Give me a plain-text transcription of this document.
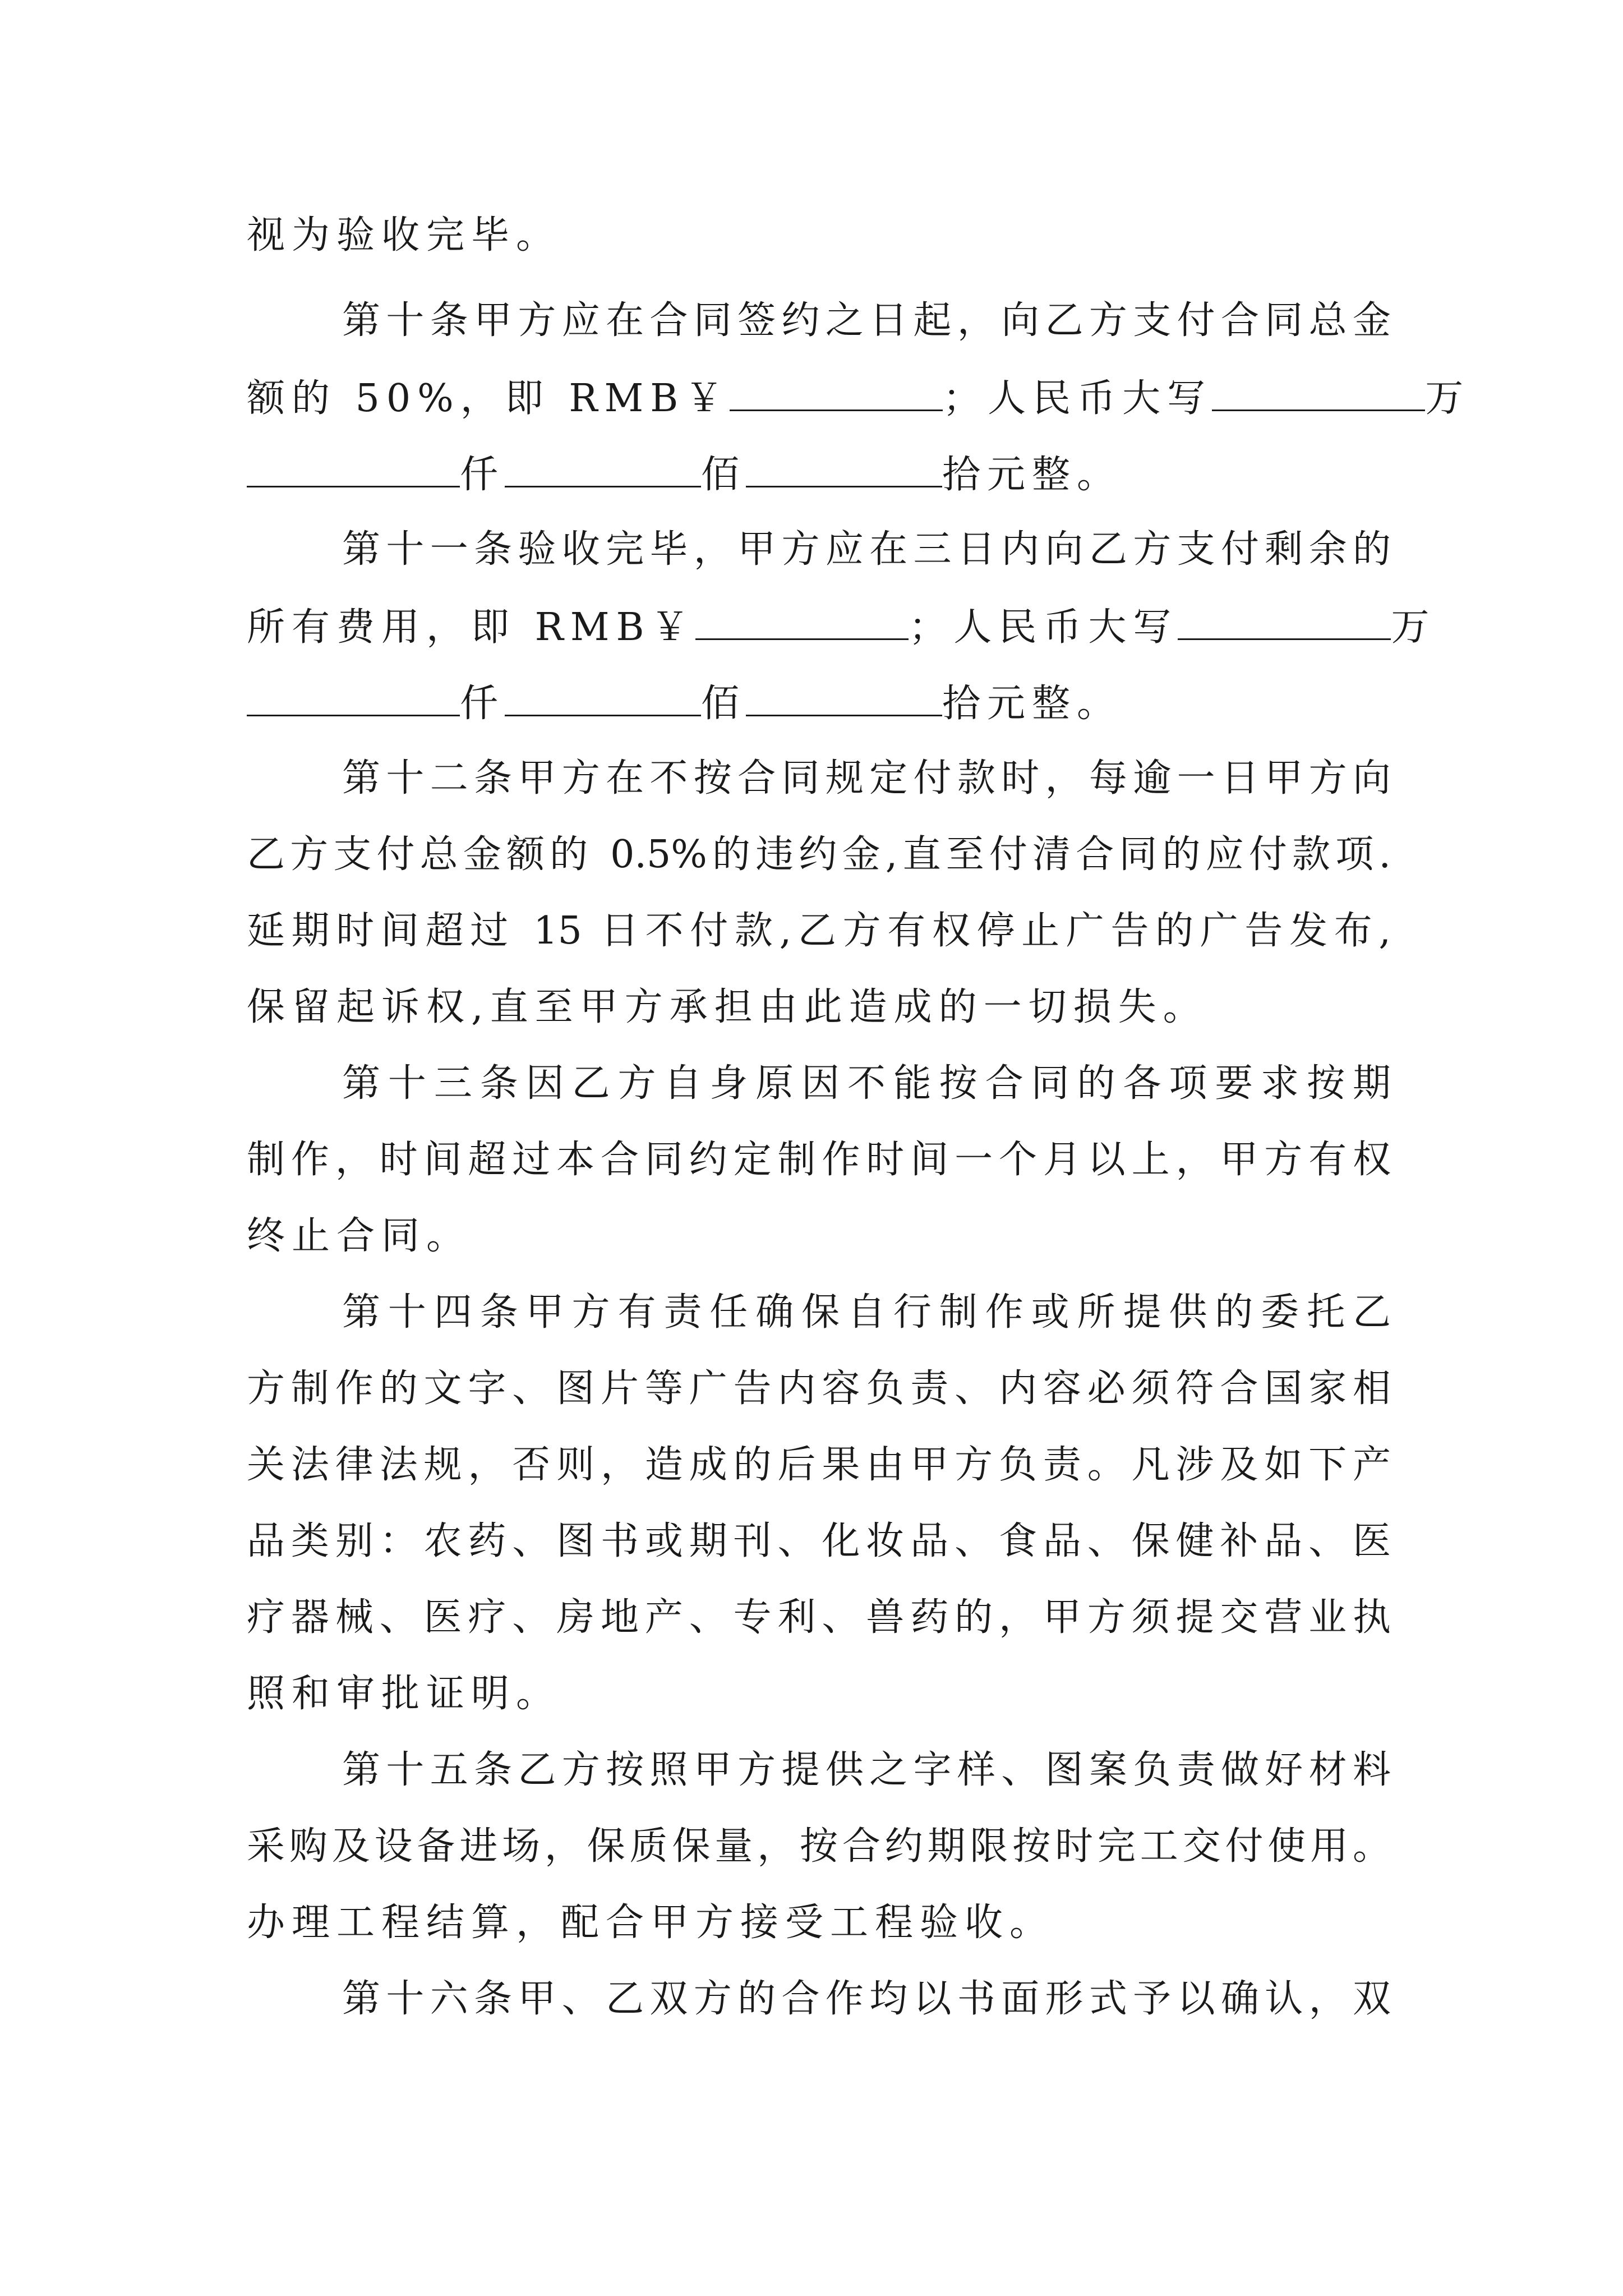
视为验收完毕。
第十条甲方应在合同签约之日起，向乙方支付合同总金
额的 50%，即 RMB￥	；人民币大写	万
仟	佰	拾元整。
第十一条验收完毕，甲方应在三日内向乙方支付剩余的
所有费用，即 RMB￥	；人民币大写	万
仟	佰	拾元整。
第十二条甲方在不按合同规定付款时，每逾一日甲方向
乙方支付总金额的 0.5%的违约金,直至付清合同的应付款项.
延期时间超过 15 日不付款,乙方有权停止广告的广告发布,
保留起诉权,直至甲方承担由此造成的一切损失。
第十三条因乙方自身原因不能按合同的各项要求按期
制作，时间超过本合同约定制作时间一个月以上，甲方有权
终止合同。
第十四条甲方有责任确保自行制作或所提供的委托乙
方制作的文字、图片等广告内容负责、内容必须符合国家相
关法律法规，否则，造成的后果由甲方负责。凡涉及如下产
品类别：农药、图书或期刊、化妆品、食品、保健补品、医
疗器械、医疗、房地产、专利、兽药的，甲方须提交营业执
照和审批证明。
第十五条乙方按照甲方提供之字样、图案负责做好材料
采购及设备进场，保质保量，按合约期限按时完工交付使用。
办理工程结算，配合甲方接受工程验收。
第十六条甲、乙双方的合作均以书面形式予以确认，双
